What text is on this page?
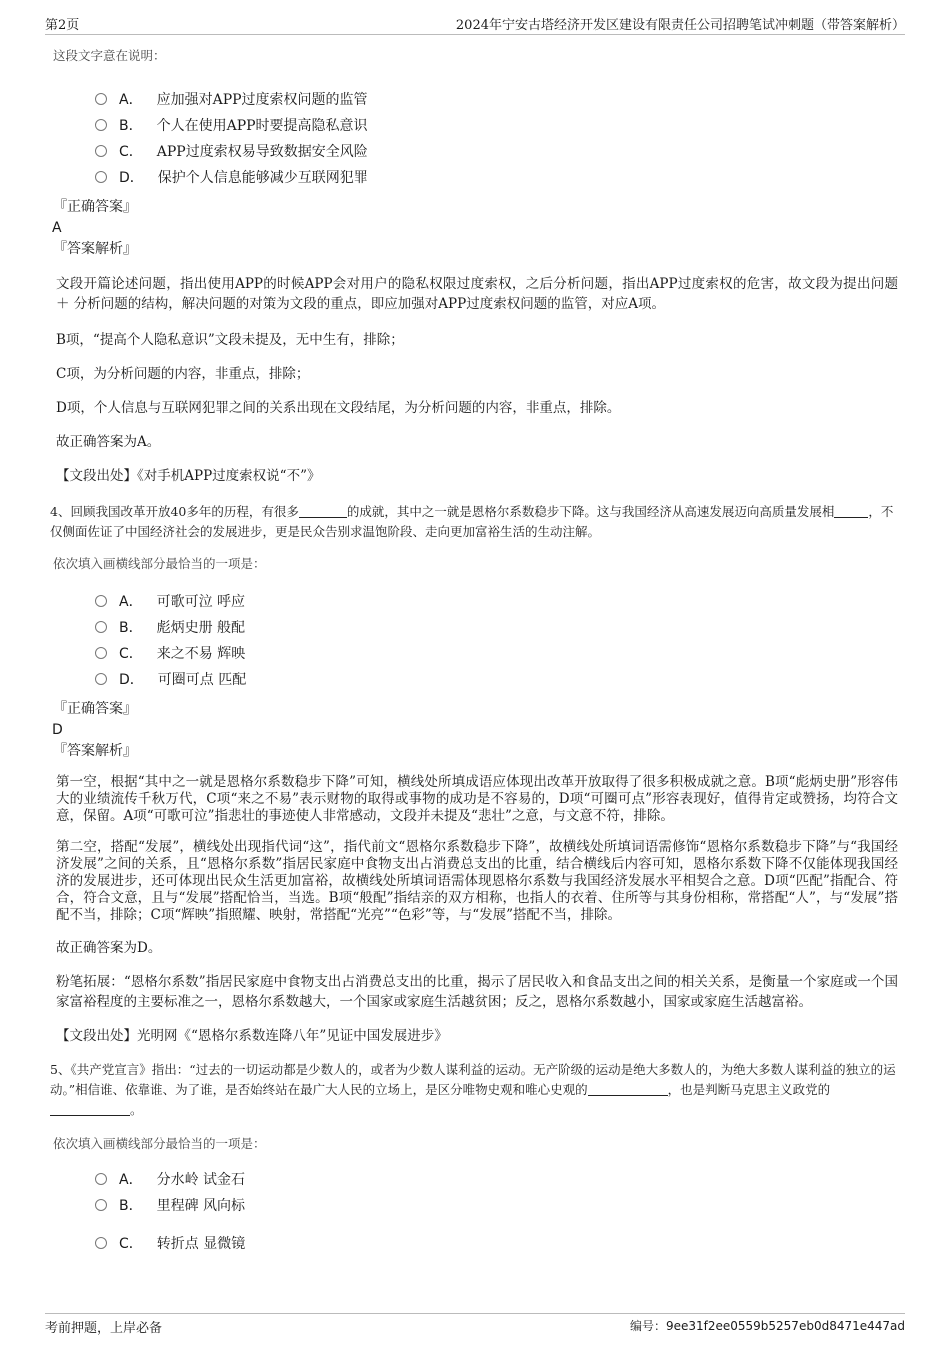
第2页	2024年宁安古塔经济开发区建设有限责任公司招聘笔试冲刺题（带答案解析）
这段文字意在说明：
A． 应加强对APP过度索权问题的监管
B． 个人在使用APP时要提高隐私意识
C． APP过度索权易导致数据安全风险
D． 保护个人信息能够减少互联网犯罪
『正确答案』
A
『答案解析』
文段开篇论述问题，指出使用APP的时候APP会对用户的隐私权限过度索权，之后分析问题，指出APP过度索权的危害，故文段为提出问题 ＋ 分析问题的结构，解决问题的对策为文段的重点，即应加强对APP过度索权问题的监管，对应A项。
B项，“提高个人隐私意识”文段未提及，无中生有，排除；
C项，为分析问题的内容，非重点，排除；
D项，个人信息与互联网犯罪之间的关系出现在文段结尾，为分析问题的内容，非重点，排除。
故正确答案为A。
【文段出处】《对手机APP过度索权说“不”》
4、回顾我国改革开放40多年的历程，有很多	的成就，其中之一就是恩格尔系数稳步下降。这与我国经济从高速发展迈向高质量发展相	，不仅侧面佐证了中国经济社会的发展进步，更是民众告别求温饱阶段、走向更加富裕生活的生动注解。
依次填入画横线部分最恰当的一项是：
A． 可歌可泣 呼应
B． 彪炳史册 般配
C． 来之不易 辉映
D． 可圈可点 匹配
『正确答案』
D
『答案解析』
第一空，根据“其中之一就是恩格尔系数稳步下降”可知，横线处所填成语应体现出改革开放取得了很多积极成就之意。B项“彪炳史册”形容伟大的业绩流传千秋万代，C项“来之不易”表示财物的取得或事物的成功是不容易的，D项“可圈可点”形容表现好，值得肯定或赞扬，均符合文意，保留。A项“可歌可泣”指悲壮的事迹使人非常感动，文段并未提及“悲壮”之意，与文意不符，排除。
第二空，搭配“发展”，横线处出现指代词“这”，指代前文“恩格尔系数稳步下降”，故横线处所填词语需修饰“恩格尔系数稳步下降”与“我国经济发展”之间的关系，且“恩格尔系数”指居民家庭中食物支出占消费总支出的比重，结合横线后内容可知，恩格尔系数下降不仅能体现我国经济的发展进步，还可体现出民众生活更加富裕，故横线处所填词语需体现恩格尔系数与我国经济发展水平相契合之意。D项“匹配”指配合、符合，符合文意，且与“发展”搭配恰当，当选。B项“般配”指结亲的双方相称，也指人的衣着、住所等与其身份相称，常搭配“人”，与“发展”搭配不当，排除；C项“辉映”指照耀、映射，常搭配“光亮”“色彩”等，与“发展”搭配不当，排除。
故正确答案为D。
粉笔拓展：“恩格尔系数”指居民家庭中食物支出占消费总支出的比重，揭示了居民收入和食品支出之间的相关关系，是衡量一个家庭或一个国家富裕程度的主要标准之一，恩格尔系数越大，一个国家或家庭生活越贫困；反之，恩格尔系数越小，国家或家庭生活越富裕。
【文段出处】光明网《“恩格尔系数连降八年”见证中国发展进步》
5、《共产党宣言》指出：“过去的一切运动都是少数人的，或者为少数人谋利益的运动。无产阶级的运动是绝大多数人的，为绝大多数人谋利益的独立的运动。”相信谁、依靠谁、为了谁，是否始终站在最广大人民的立场上，是区分唯物史观和唯心史观的	，也是判断马克思主义政党的。
依次填入画横线部分最恰当的一项是：
A． 分水岭 试金石
B． 里程碑 风向标
C． 转折点 显微镜
考前押题，上岸必备	编号：9ee31f2ee0559b5257eb0d8471e447ad
